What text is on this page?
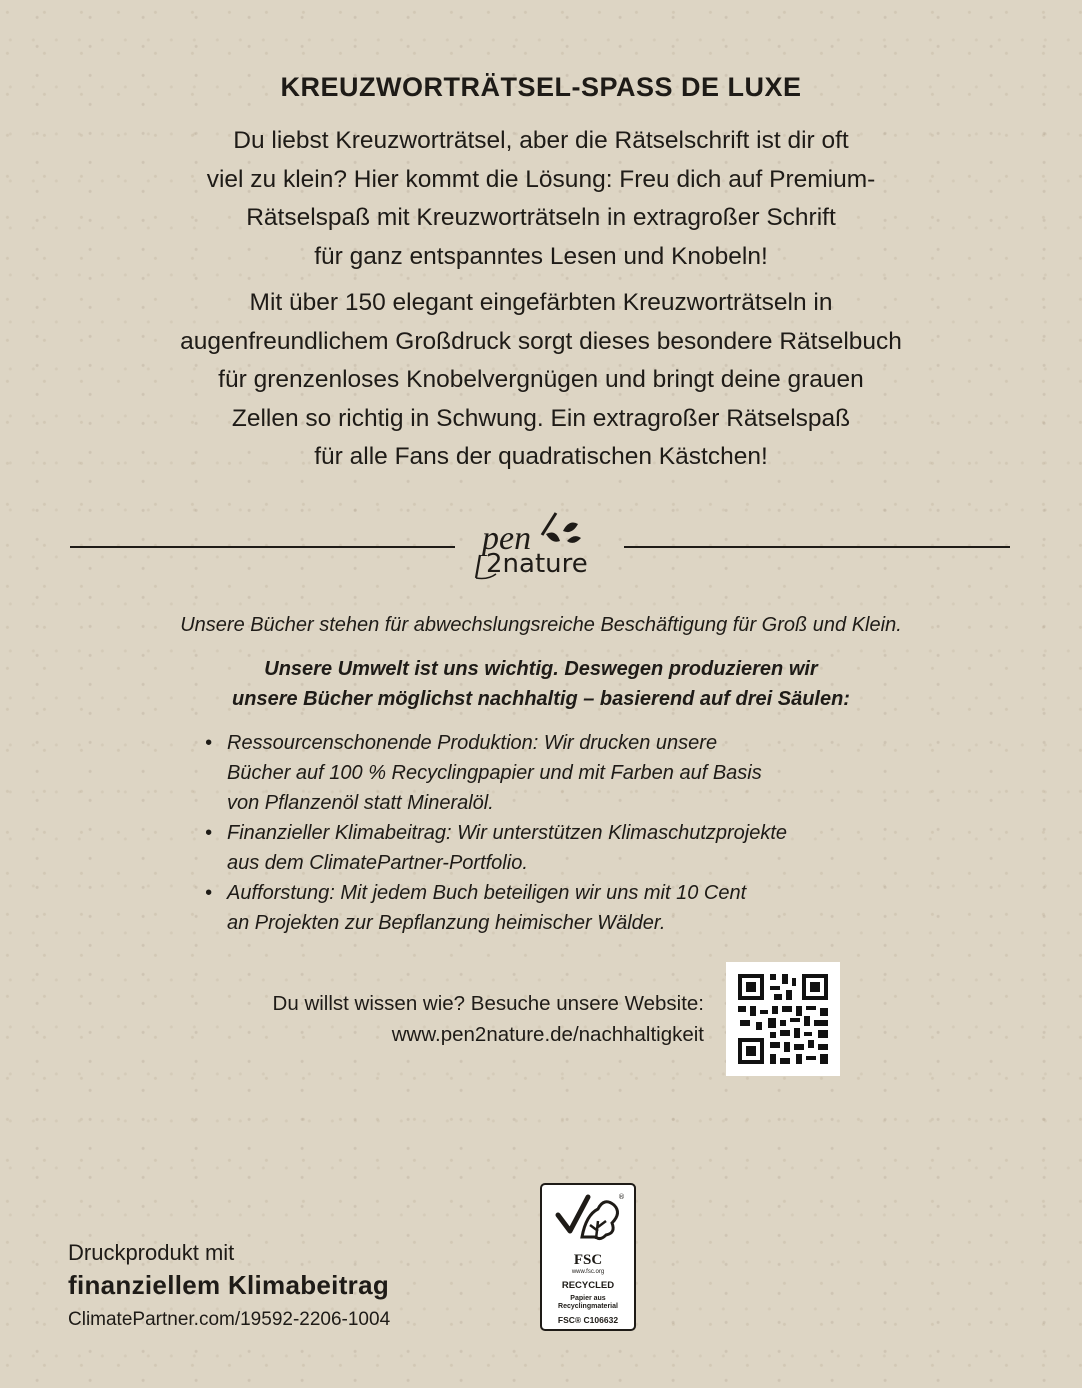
KREUZWORTRÄTSEL-SPASS DE LUXE

Du liebst Kreuzworträtsel, aber die Rätselschrift ist dir oft

viel zu klein? Hier kommt die Lösung: Freu dich auf Premium-

Rätselspaß mit Kreuzworträtseln in extragroßer Schrift

für ganz entspanntes Lesen und Knobeln!

Mit über 150 elegant eingefärbten Kreuzworträtseln in

augenfreundlichem Großdruck sorgt dieses besondere Rätselbuch

für grenzenloses Knobelvergnügen und bringt deine grauen

Zellen so richtig in Schwung. Ein extragroßer Rätselspaß

für alle Fans der quadratischen Kästchen!

pen
2nature
Unsere Bücher stehen für abwechslungsreiche Beschäftigung für Groß und Klein.
Unsere Umwelt ist uns wichtig. Deswegen produzieren wir
unsere Bücher möglichst nachhaltig – basierend auf drei Säulen:
• Ressourcenschonende Produktion: Wir drucken unsere
Bücher auf 100 % Recyclingpapier und mit Farben auf Basis
von Pflanzenöl statt Mineralöl.
• Finanzieller Klimabeitrag: Wir unterstützen Klimaschutzprojekte
aus dem ClimatePartner-Portfolio.
• Aufforstung: Mit jedem Buch beteiligen wir uns mit 10 Cent
an Projekten zur Bepflanzung heimischer Wälder.
Du willst wissen wie? Besuche unsere Website:
www.pen2nature.de/nachhaltigkeit
Druckprodukt mit
finanziellem Klimabeitrag
ClimatePartner.com/19592-2206-1004
®
FSC
www.fsc.org
RECYCLED
Papier aus
Recyclingmaterial
FSC® C106632
